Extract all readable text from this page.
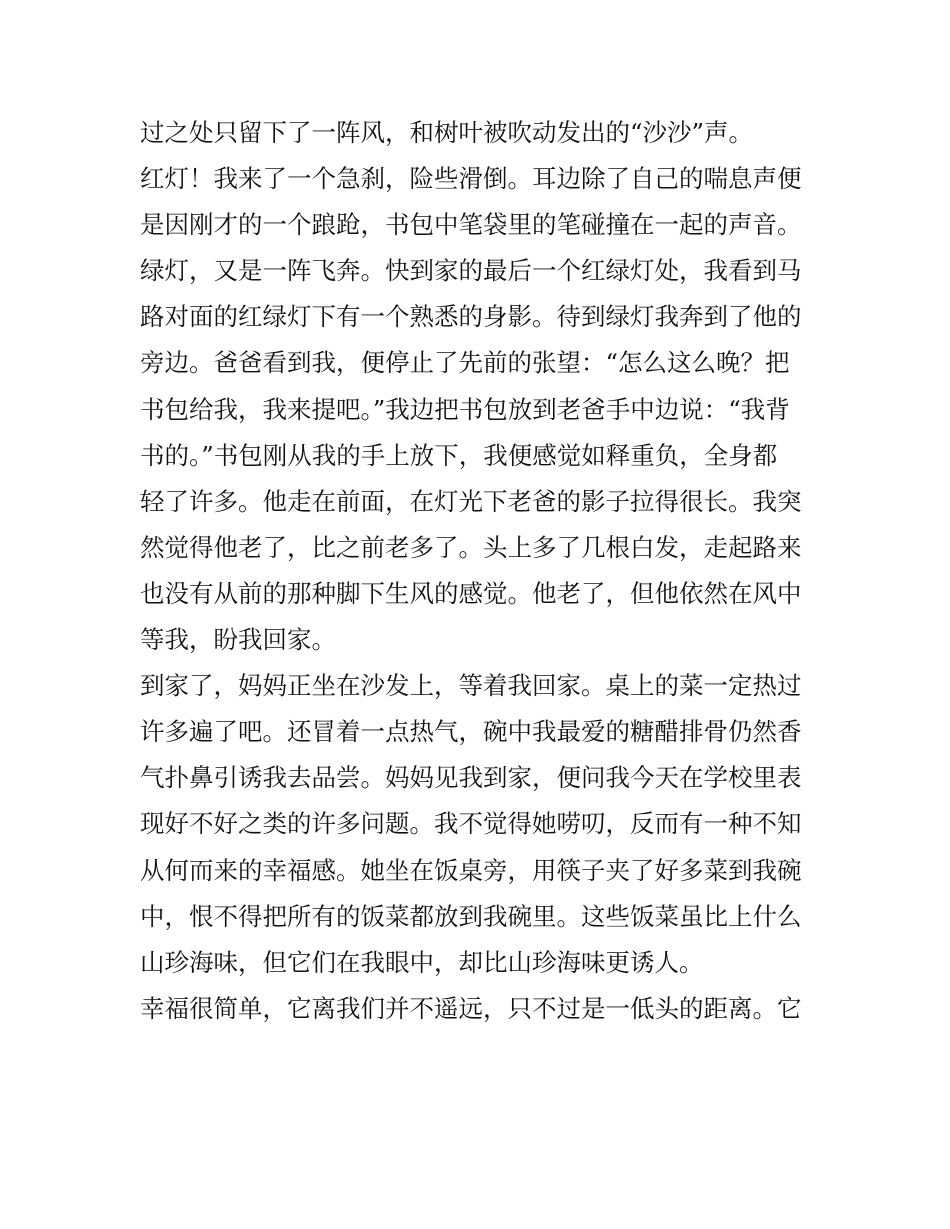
过之处只留下了一阵风，和树叶被吹动发出的“沙沙”声。
红灯！我来了一个急刹，险些滑倒。耳边除了自己的喘息声便
是因刚才的一个踉跄，书包中笔袋里的笔碰撞在一起的声音。
绿灯，又是一阵飞奔。快到家的最后一个红绿灯处，我看到马
路对面的红绿灯下有一个熟悉的身影。待到绿灯我奔到了他的
旁边。爸爸看到我，便停止了先前的张望：“怎么这么晚？把
书包给我，我来提吧。”我边把书包放到老爸手中边说：“我背
书的。”书包刚从我的手上放下，我便感觉如释重负，全身都
轻了许多。他走在前面，在灯光下老爸的影子拉得很长。我突
然觉得他老了，比之前老多了。头上多了几根白发，走起路来
也没有从前的那种脚下生风的感觉。他老了，但他依然在风中
等我，盼我回家。
到家了，妈妈正坐在沙发上，等着我回家。桌上的菜一定热过
许多遍了吧。还冒着一点热气，碗中我最爱的糖醋排骨仍然香
气扑鼻引诱我去品尝。妈妈见我到家，便问我今天在学校里表
现好不好之类的许多问题。我不觉得她唠叨，反而有一种不知
从何而来的幸福感。她坐在饭桌旁，用筷子夹了好多菜到我碗
中，恨不得把所有的饭菜都放到我碗里。这些饭菜虽比上什么
山珍海味，但它们在我眼中，却比山珍海味更诱人。
幸福很简单，它离我们并不遥远，只不过是一低头的距离。它
